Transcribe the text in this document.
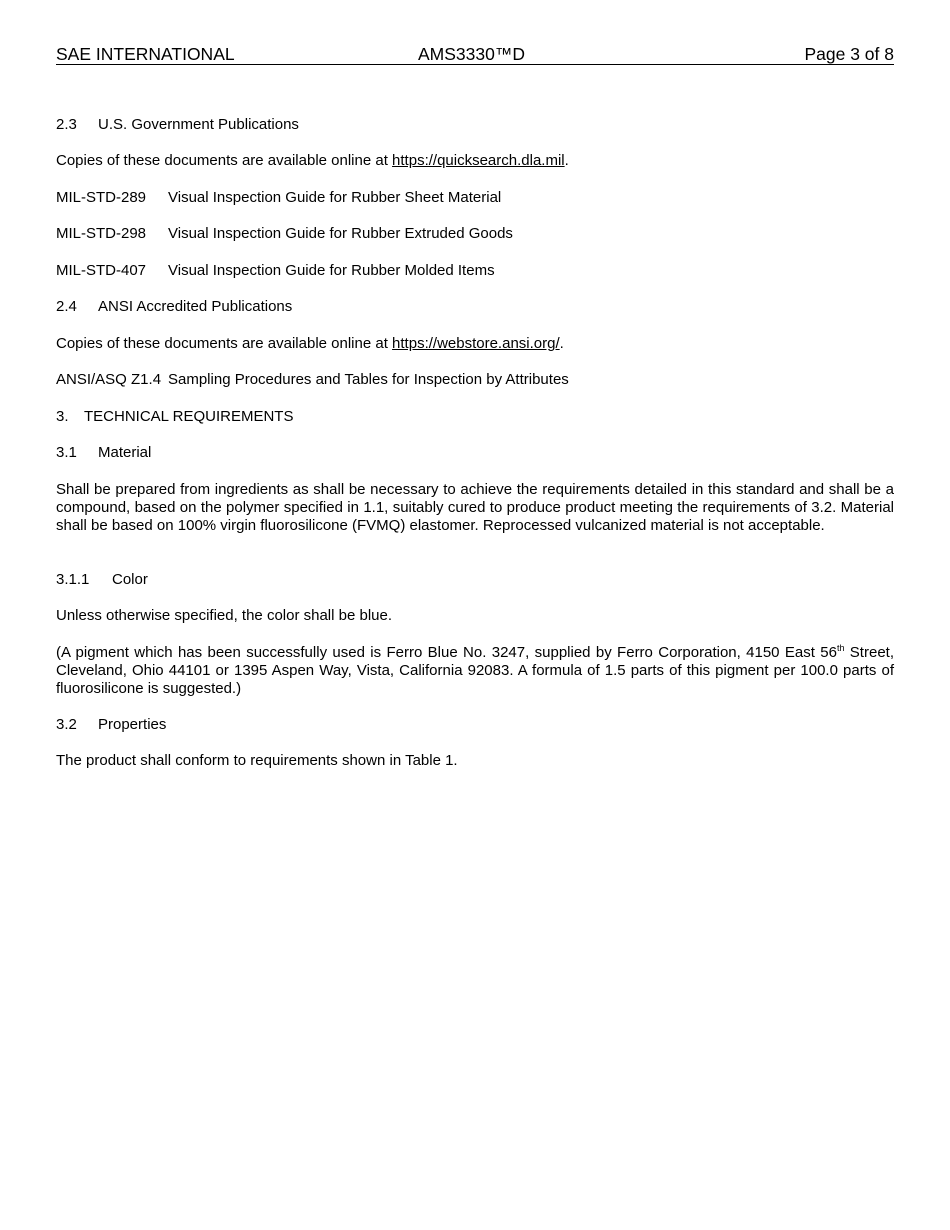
SAE INTERNATIONAL	AMS3330™D	Page 3 of 8
2.3 U.S. Government Publications
Copies of these documents are available online at https://quicksearch.dla.mil.
MIL-STD-289 Visual Inspection Guide for Rubber Sheet Material
MIL-STD-298 Visual Inspection Guide for Rubber Extruded Goods
MIL-STD-407 Visual Inspection Guide for Rubber Molded Items
2.4 ANSI Accredited Publications
Copies of these documents are available online at https://webstore.ansi.org/.
ANSI/ASQ Z1.4 Sampling Procedures and Tables for Inspection by Attributes
3. TECHNICAL REQUIREMENTS
3.1 Material
Shall be prepared from ingredients as shall be necessary to achieve the requirements detailed in this standard and shall be a compound, based on the polymer specified in 1.1, suitably cured to produce product meeting the requirements of 3.2. Material shall be based on 100% virgin fluorosilicone (FVMQ) elastomer. Reprocessed vulcanized material is not acceptable.
3.1.1 Color
Unless otherwise specified, the color shall be blue.
(A pigment which has been successfully used is Ferro Blue No. 3247, supplied by Ferro Corporation, 4150 East 56th Street, Cleveland, Ohio 44101 or 1395 Aspen Way, Vista, California 92083. A formula of 1.5 parts of this pigment per 100.0 parts of fluorosilicone is suggested.)
3.2 Properties
The product shall conform to requirements shown in Table 1.
